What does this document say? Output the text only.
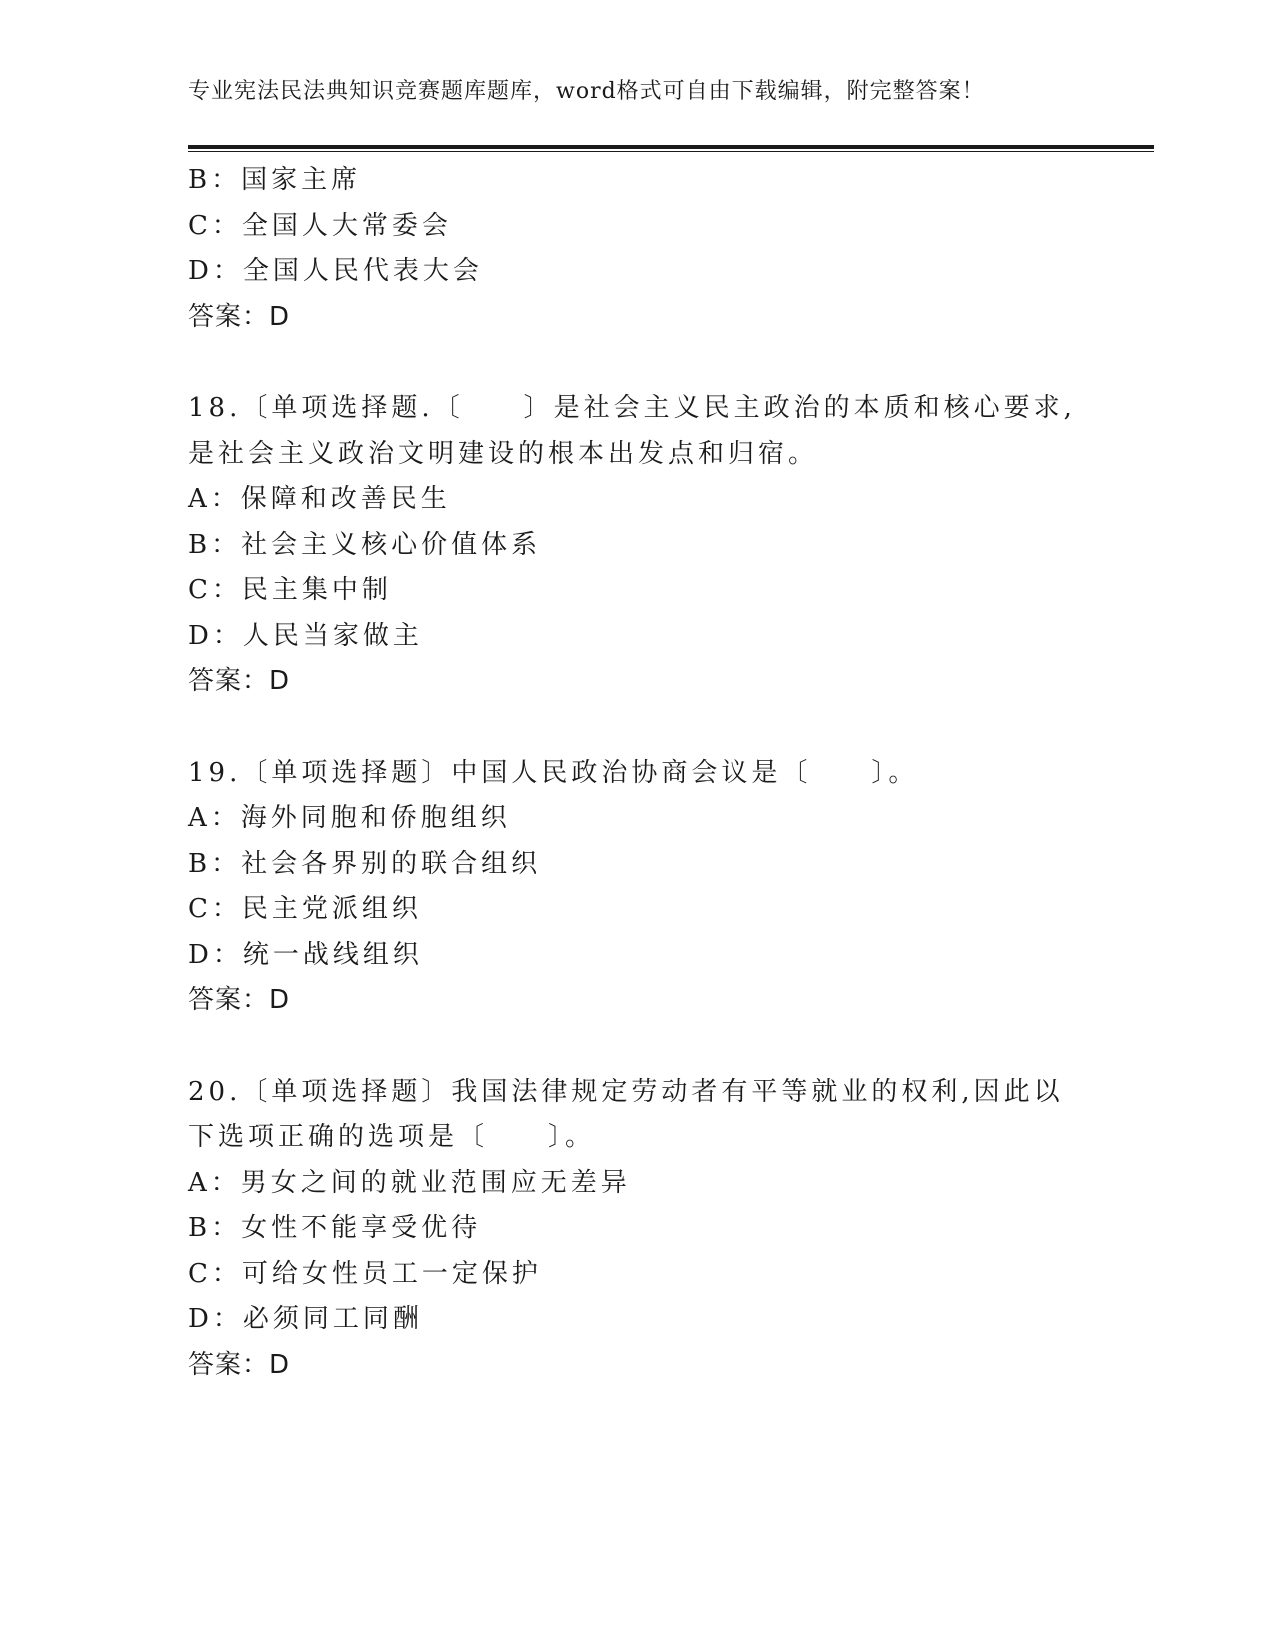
专业宪法民法典知识竞赛题库题库，word格式可自由下载编辑，附完整答案！
B：国家主席
C：全国人大常委会
D：全国人民代表大会
答案：D
18.〔单项选择题.〔　　〕是社会主义民主政治的本质和核心要求,是社会主义政治文明建设的根本出发点和归宿。
A：保障和改善民生
B：社会主义核心价值体系
C：民主集中制
D：人民当家做主
答案：D
19.〔单项选择题〕中国人民政治协商会议是〔　　〕。
A：海外同胞和侨胞组织
B：社会各界别的联合组织
C：民主党派组织
D：统一战线组织
答案：D
20.〔单项选择题〕我国法律规定劳动者有平等就业的权利,因此以下选项正确的选项是〔　　〕。
A：男女之间的就业范围应无差异
B：女性不能享受优待
C：可给女性员工一定保护
D：必须同工同酬
答案：D
